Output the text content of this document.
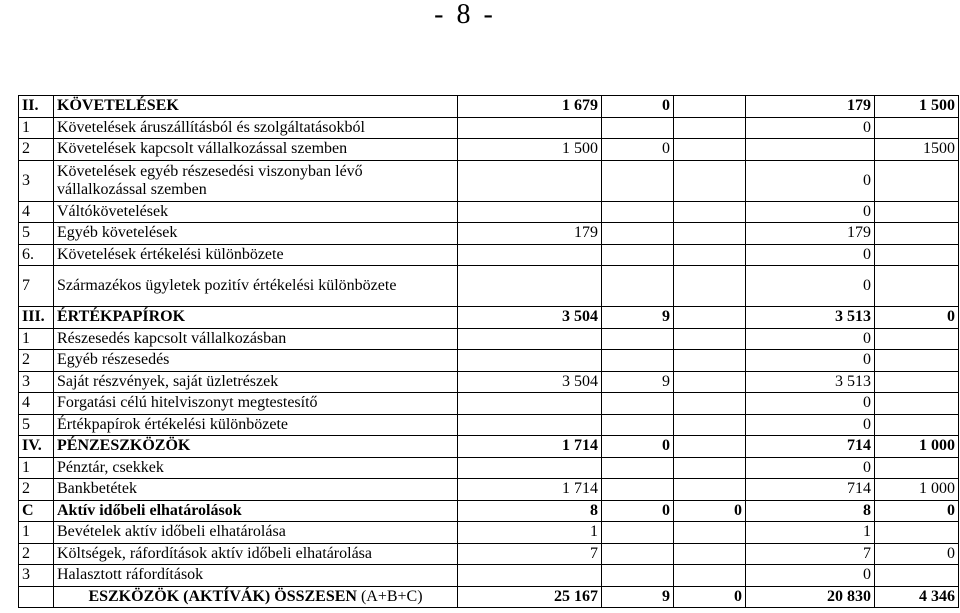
- 8 -
II.	KÖVETELÉSEK	1 679	0		179	1 500
1	Követelések áruszállításból és szolgáltatásokból				0	
2	Követelések kapcsolt vállalkozással szemben	1 500	0			1500
3	Követelések egyéb részesedési viszonyban lévő vállalkozással szemben				0	
4	Váltókövetelések				0	
5	Egyéb követelések	179			179	
6.	Követelések értékelési különbözete				0	
7	Származékos ügyletek pozitív értékelési különbözete				0	
III.	ÉRTÉKPAPÍROK	3 504	9		3 513	0
1	Részesedés kapcsolt vállalkozásban				0	
2	Egyéb részesedés				0	
3	Saját részvények, saját üzletrészek	3 504	9		3 513	
4	Forgatási célú hitelviszonyt megtestesítő				0	
5	Értékpapírok értékelési különbözete				0	
IV.	PÉNZESZKÖZÖK	1 714	0		714	1 000
1	Pénztár, csekkek				0	
2	Bankbetétek	1 714			714	1 000
C	Aktív időbeli elhatárolások	8	0	0	8	0
1	Bevételek aktív időbeli elhatárolása	1			1	
2	Költségek, ráfordítások aktív időbeli elhatárolása	7			7	0
3	Halasztott ráfordítások				0	
	ESZKÖZÖK (AKTÍVÁK) ÖSSZESEN (A+B+C)	25 167	9	0	20 830	4 346
